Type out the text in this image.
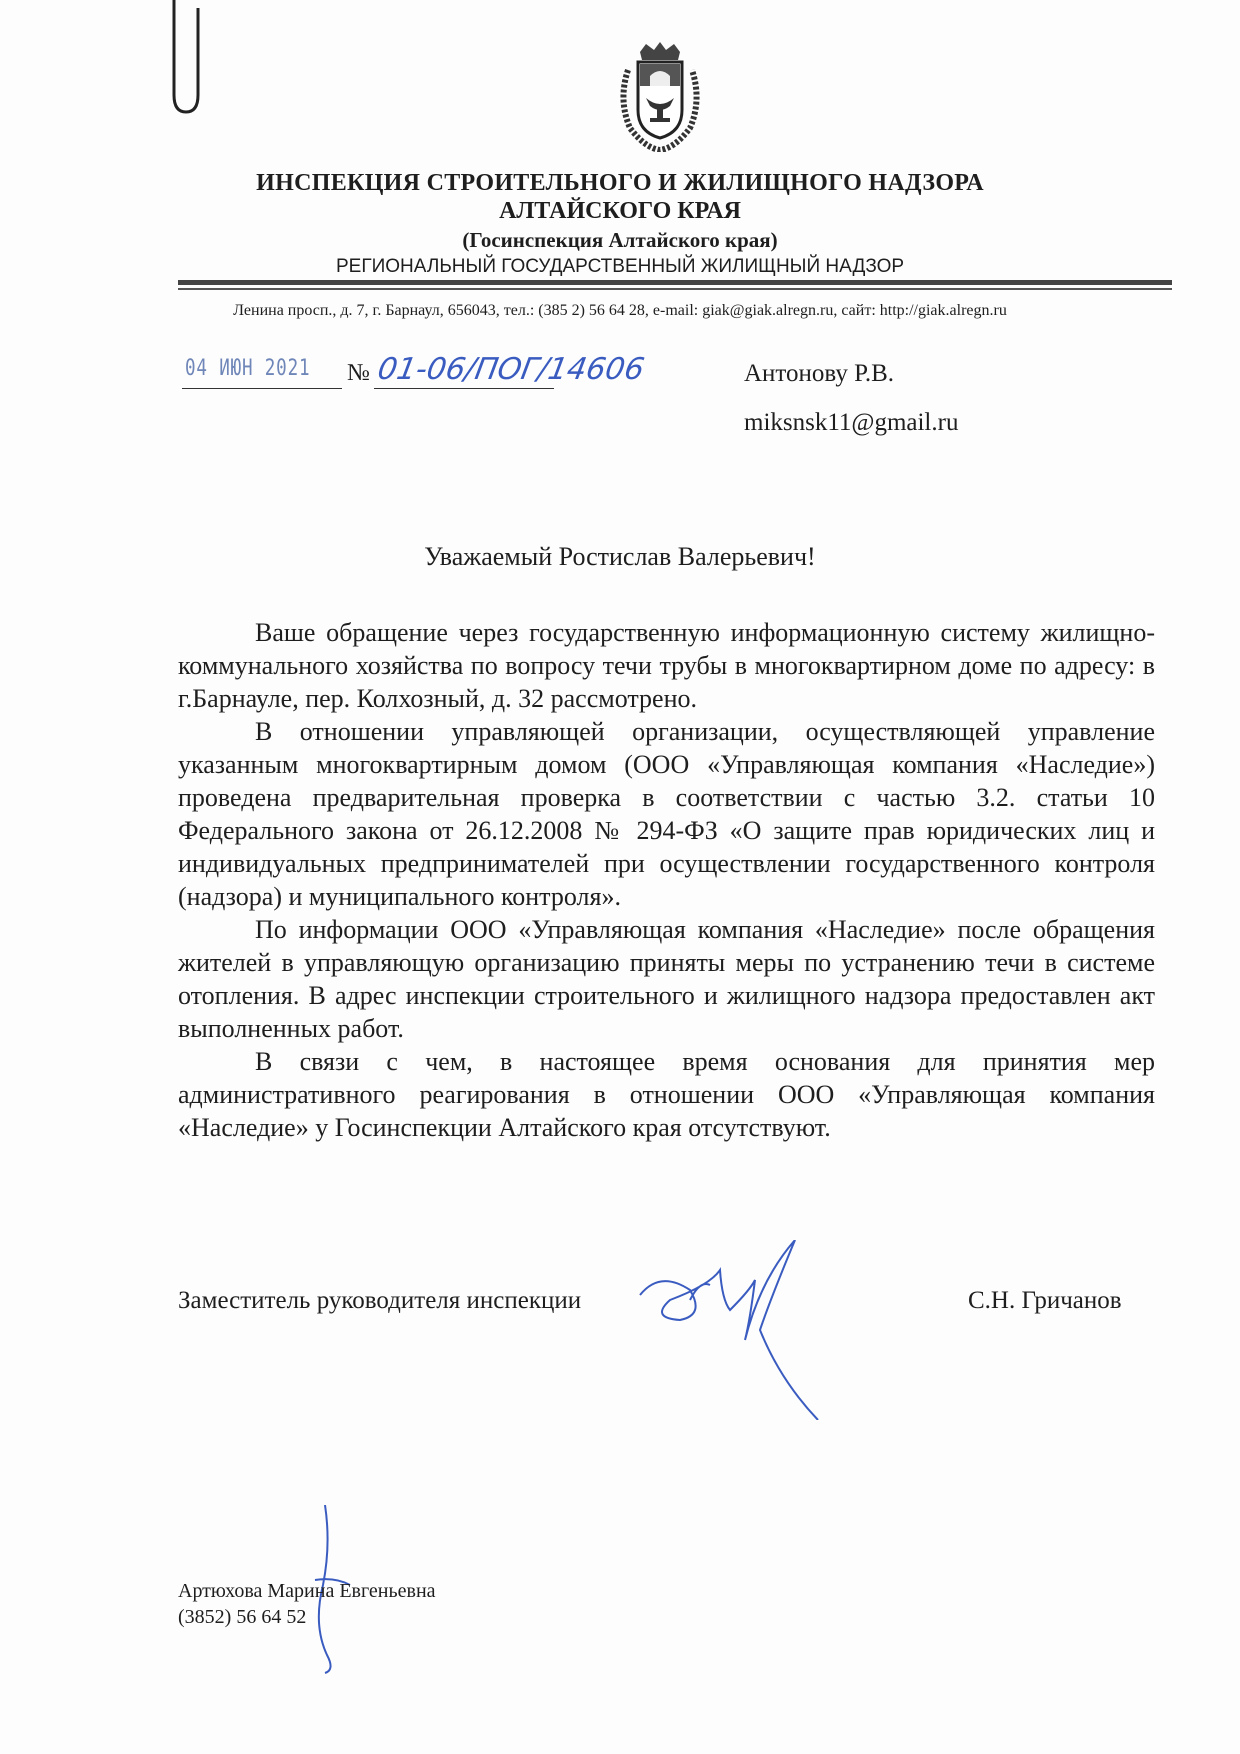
ИНСПЕКЦИЯ СТРОИТЕЛЬНОГО И ЖИЛИЩНОГО НАДЗОРА
АЛТАЙСКОГО КРАЯ
(Госинспекция Алтайского края)
РЕГИОНАЛЬНЫЙ ГОСУДАРСТВЕННЫЙ ЖИЛИЩНЫЙ НАДЗОР
Ленина просп., д. 7, г. Барнаул, 656043, тел.: (385 2) 56 64 28, e-mail: giak@giak.alregn.ru, сайт: http://giak.alregn.ru
04 ИЮН 2021 № 01-06/ПОГ/14606	Антонову Р.В.
miksnsk11@gmail.ru
Уважаемый Ростислав Валерьевич!

Ваше обращение через государственную информационную систему жилищно-коммунального хозяйства по вопросу течи трубы в многоквартирном доме по адресу: в г.Барнауле, пер. Колхозный, д. 32 рассмотрено.

В отношении управляющей организации, осуществляющей управление указанным многоквартирным домом (ООО «Управляющая компания «Наследие») проведена предварительная проверка в соответствии с частью 3.2. статьи 10 Федерального закона от 26.12.2008 № 294-ФЗ «О защите прав юридических лиц и индивидуальных предпринимателей при осуществлении государственного контроля (надзора) и муниципального контроля».

По информации ООО «Управляющая компания «Наследие» после обращения жителей в управляющую организацию приняты меры по устранению течи в системе отопления. В адрес инспекции строительного и жилищного надзора предоставлен акт выполненных работ.

В связи с чем, в настоящее время основания для принятия мер административного реагирования в отношении ООО «Управляющая компания «Наследие» у Госинспекции Алтайского края отсутствуют.

Заместитель руководителя инспекции	С.Н. Гричанов
Артюхова Марина Евгеньевна
(3852) 56 64 52
